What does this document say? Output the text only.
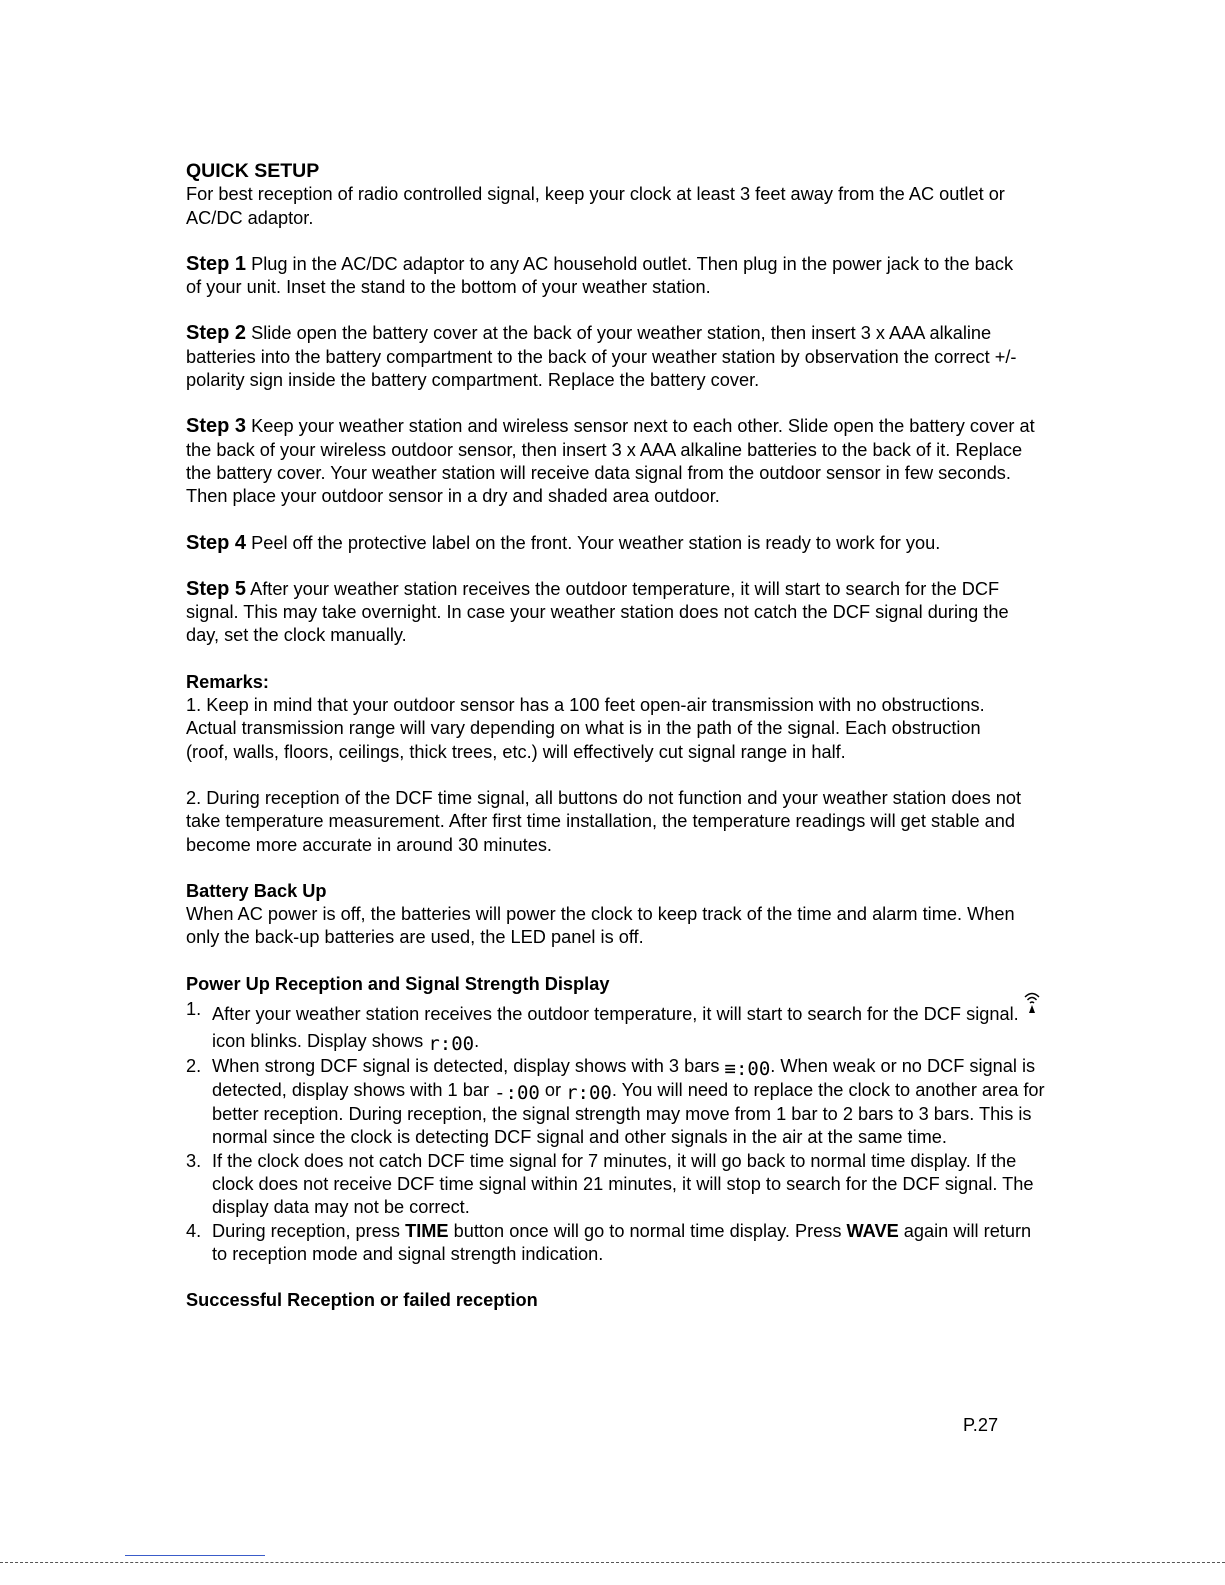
QUICK SETUP

For best reception of radio controlled signal, keep your clock at least 3 feet away from the AC outlet or AC/DC adaptor.

Step 1 Plug in the AC/DC adaptor to any AC household outlet. Then plug in the power jack to the back of your unit. Inset the stand to the bottom of your weather station.

Step 2 Slide open the battery cover at the back of your weather station, then insert 3 x AAA alkaline batteries into the battery compartment to the back of your weather station by observation the correct +/- polarity sign inside the battery compartment. Replace the battery cover.

Step 3 Keep your weather station and wireless sensor next to each other. Slide open the battery cover at the back of your wireless outdoor sensor, then insert 3 x AAA alkaline batteries to the back of it. Replace the battery cover. Your weather station will receive data signal from the outdoor sensor in few seconds. Then place your outdoor sensor in a dry and shaded area outdoor.

Step 4 Peel off the protective label on the front. Your weather station is ready to work for you.

Step 5 After your weather station receives the outdoor temperature, it will start to search for the DCF signal. This may take overnight. In case your weather station does not catch the DCF signal during the day, set the clock manually.

Remarks:

1. Keep in mind that your outdoor sensor has a 100 feet open-air transmission with no obstructions. Actual transmission range will vary depending on what is in the path of the signal. Each obstruction (roof, walls, floors, ceilings, thick trees, etc.) will effectively cut signal range in half.

2. During reception of the DCF time signal, all buttons do not function and your weather station does not take temperature measurement. After first time installation, the temperature readings will get stable and become more accurate in around 30 minutes.

Battery Back Up

When AC power is off, the batteries will power the clock to keep track of the time and alarm time. When only the back-up batteries are used, the LED panel is off.

Power Up Reception and Signal Strength Display

1. After your weather station receives the outdoor temperature, it will start to search for the DCF signal.  icon blinks. Display shows r:00.
2. When strong DCF signal is detected, display shows with 3 bars ≡:00. When weak or no DCF signal is detected, display shows with 1 bar -:00 or r:00. You will need to replace the clock to another area for better reception. During reception, the signal strength may move from 1 bar to 2 bars to 3 bars. This is normal since the clock is detecting DCF signal and other signals in the air at the same time.
3. If the clock does not catch DCF time signal for 7 minutes, it will go back to normal time display. If the clock does not receive DCF time signal within 21 minutes, it will stop to search for the DCF signal. The display data may not be correct.
4. During reception, press TIME button once will go to normal time display. Press WAVE again will return to reception mode and signal strength indication.

Successful Reception or failed reception

P.27
